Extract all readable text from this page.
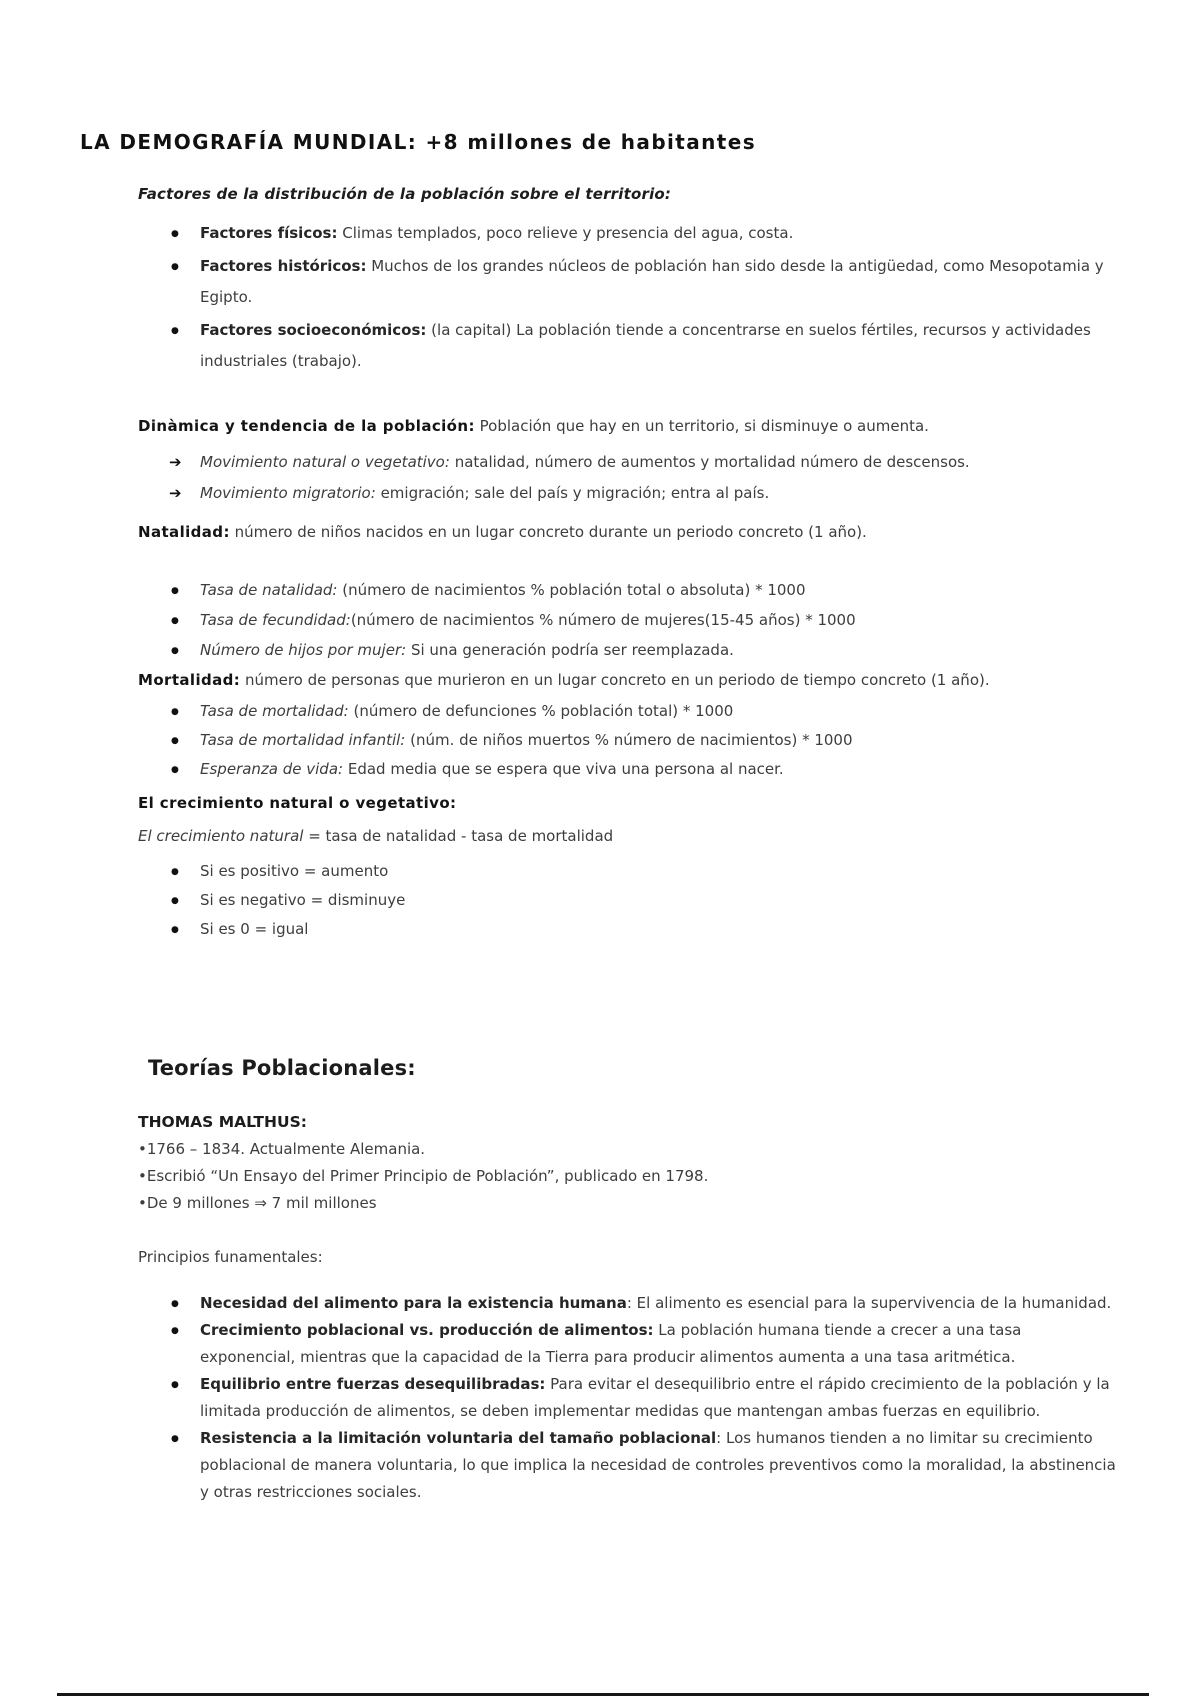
LA DEMOGRAFÍA MUNDIAL: +8 millones de habitantes
Factores de la distribución de la población sobre el territorio:
● Factores físicos: Climas templados, poco relieve y presencia del agua, costa.
● Factores históricos: Muchos de los grandes núcleos de población han sido desde la antigüedad, como Mesopotamia y Egipto.
● Factores socioeconómicos: (la capital) La población tiende a concentrarse en suelos fértiles, recursos y actividades industriales (trabajo).

Dinàmica y tendencia de la población: Población que hay en un territorio, si disminuye o aumenta.

➔ Movimiento natural o vegetativo: natalidad, número de aumentos y mortalidad número de descensos.
➔ Movimiento migratorio: emigración; sale del país y migración; entra al país.

Natalidad: número de niños nacidos en un lugar concreto durante un periodo concreto (1 año).

● Tasa de natalidad: (número de nacimientos % población total o absoluta) * 1000
● Tasa de fecundidad:(número de nacimientos % número de mujeres(15-45 años) * 1000
● Número de hijos por mujer: Si una generación podría ser reemplazada.

Mortalidad: número de personas que murieron en un lugar concreto en un periodo de tiempo concreto (1 año).

● Tasa de mortalidad: (número de defunciones % población total) * 1000
● Tasa de mortalidad infantil: (núm. de niños muertos % número de nacimientos) * 1000
● Esperanza de vida: Edad media que se espera que viva una persona al nacer.

El crecimiento natural o vegetativo:

El crecimiento natural = tasa de natalidad - tasa de mortalidad

● Si es positivo = aumento
● Si es negativo = disminuye
● Si es 0 = igual
Teorías Poblacionales:
THOMAS MALTHUS:
•1766 – 1834. Actualmente Alemania.
•Escribió “Un Ensayo del Primer Principio de Población”, publicado en 1798.
•De 9 millones ⇒ 7 mil millones

Principios funamentales:

● Necesidad del alimento para la existencia humana: El alimento es esencial para la supervivencia de la humanidad.
● Crecimiento poblacional vs. producción de alimentos: La población humana tiende a crecer a una tasa exponencial, mientras que la capacidad de la Tierra para producir alimentos aumenta a una tasa aritmética.
● Equilibrio entre fuerzas desequilibradas: Para evitar el desequilibrio entre el rápido crecimiento de la población y la limitada producción de alimentos, se deben implementar medidas que mantengan ambas fuerzas en equilibrio.
● Resistencia a la limitación voluntaria del tamaño poblacional: Los humanos tienden a no limitar su crecimiento poblacional de manera voluntaria, lo que implica la necesidad de controles preventivos como la moralidad, la abstinencia y otras restricciones sociales.
